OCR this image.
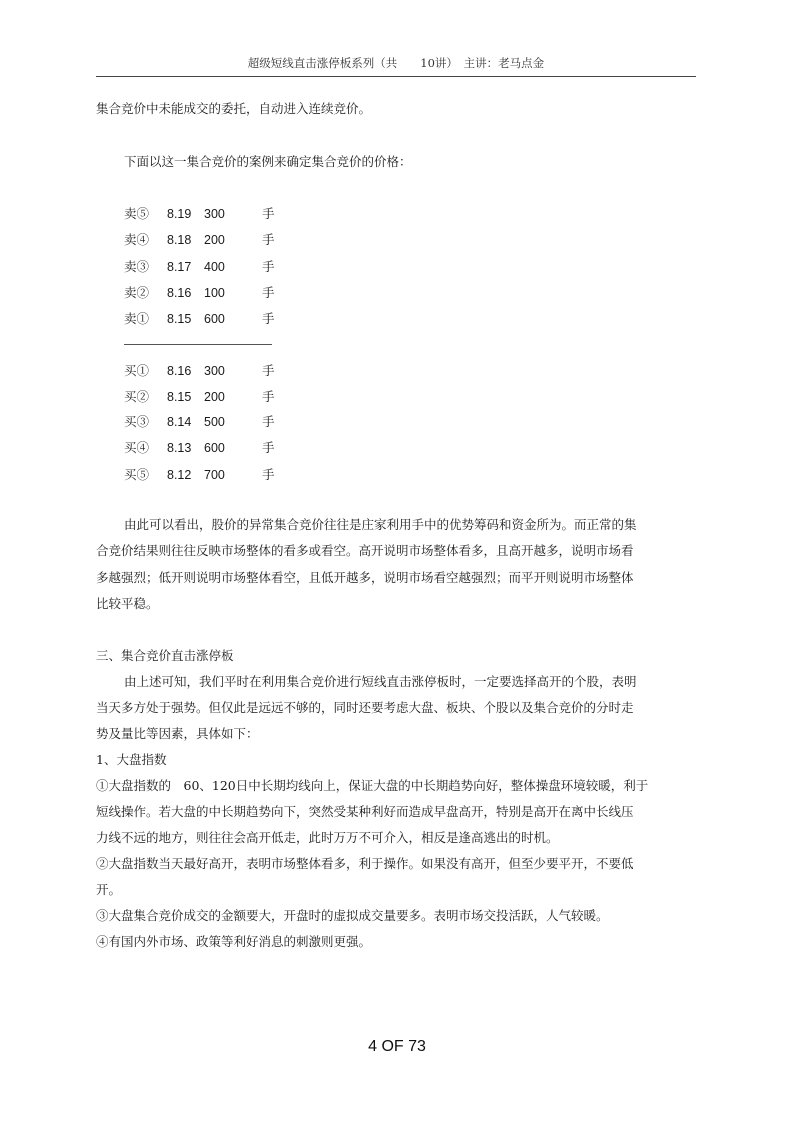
超级短线直击涨停板系列（共　　10讲）　主讲：老马点金
集合竞价中未能成交的委托，自动进入连续竞价。
下面以这一集合竞价的案例来确定集合竞价的价格：
卖⑤ 8.19 300	手
卖④ 8.18 200	手
卖③ 8.17 400	手
卖② 8.16 100	手
卖① 8.15 600	手
买① 8.16 300	手
买② 8.15 200	手
买③ 8.14 500	手
买④ 8.13 600	手
买⑤ 8.12 700	手
由此可以看出，股价的异常集合竞价往往是庄家利用手中的优势筹码和资金所为。而正常的集
合竞价结果则往往反映市场整体的看多或看空。高开说明市场整体看多，且高开越多，说明市场看
多越强烈；低开则说明市场整体看空，且低开越多，说明市场看空越强烈；而平开则说明市场整体
比较平稳。
三、集合竞价直击涨停板
由上述可知，我们平时在利用集合竞价进行短线直击涨停板时，一定要选择高开的个股，表明
当天多方处于强势。但仅此是远远不够的，同时还要考虑大盘、板块、个股以及集合竞价的分时走
势及量比等因素，具体如下：
1、大盘指数
①大盘指数的　60、120日中长期均线向上，保证大盘的中长期趋势向好，整体操盘环境较暖，利于
短线操作。若大盘的中长期趋势向下，突然受某种利好而造成早盘高开，特别是高开在离中长线压
力线不远的地方，则往往会高开低走，此时万万不可介入，相反是逢高逃出的时机。
②大盘指数当天最好高开，表明市场整体看多，利于操作。如果没有高开，但至少要平开，不要低
开。
③大盘集合竞价成交的金额要大，开盘时的虚拟成交量要多。表明市场交投活跃，人气较暖。
④有国内外市场、政策等利好消息的刺激则更强。
4 OF 73
